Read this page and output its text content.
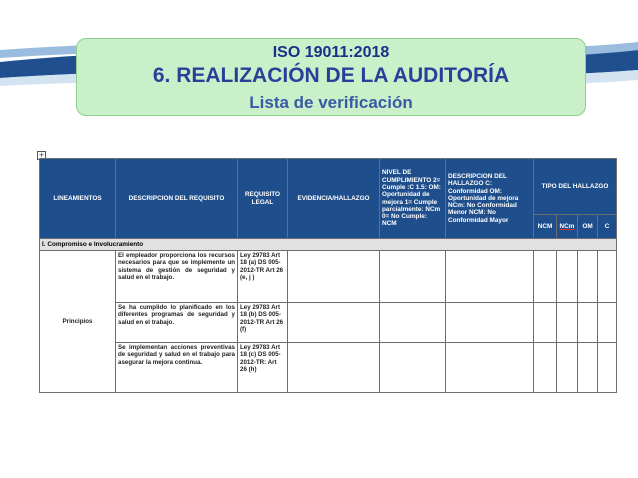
ISO 19011:2018
6. REALIZACIÓN DE LA AUDITORÍA
Lista de verificación
+
LINEAMIENTOS	DESCRIPCION DEL REQUISITO	REQUISITO LEGAL	EVIDENCIA/HALLAZGO	NIVEL DE CUMPLIMIENTO 2= Cumple :C 1.5: OM: Oportunidad de mejora 1= Cumple parcialmente: NCm 0= No Cumple: NCM	DESCRIPCION DEL HALLAZGO C: Conformidad OM: Oportunidad de mejora NCm: No Conformidad Menor NCM: No Conformidad Mayor	TIPO DEL HALLAZGO			
						NCM	NCm	OM	C
I. Compromiso e Involucramiento									
Principios	El empleador proporciona los recursos necesarios para que se implemente un sistema de gestión de seguridad y salud en el trabajo.	Ley 29783 Art 18 (a) DS 005-2012-TR Art 26 (e, j )							
	Se ha cumplido lo planificado en los diferentes programas de seguridad y salud en el trabajo.	Ley 29783 Art 18 (b) DS 005-2012-TR Art 26 (f)							
	Se implementan acciones preventivas de seguridad y salud en el trabajo para asegurar la mejora continua.	Ley 29783 Art 18 (c) DS 005-2012-TR: Art 26 (h)							
